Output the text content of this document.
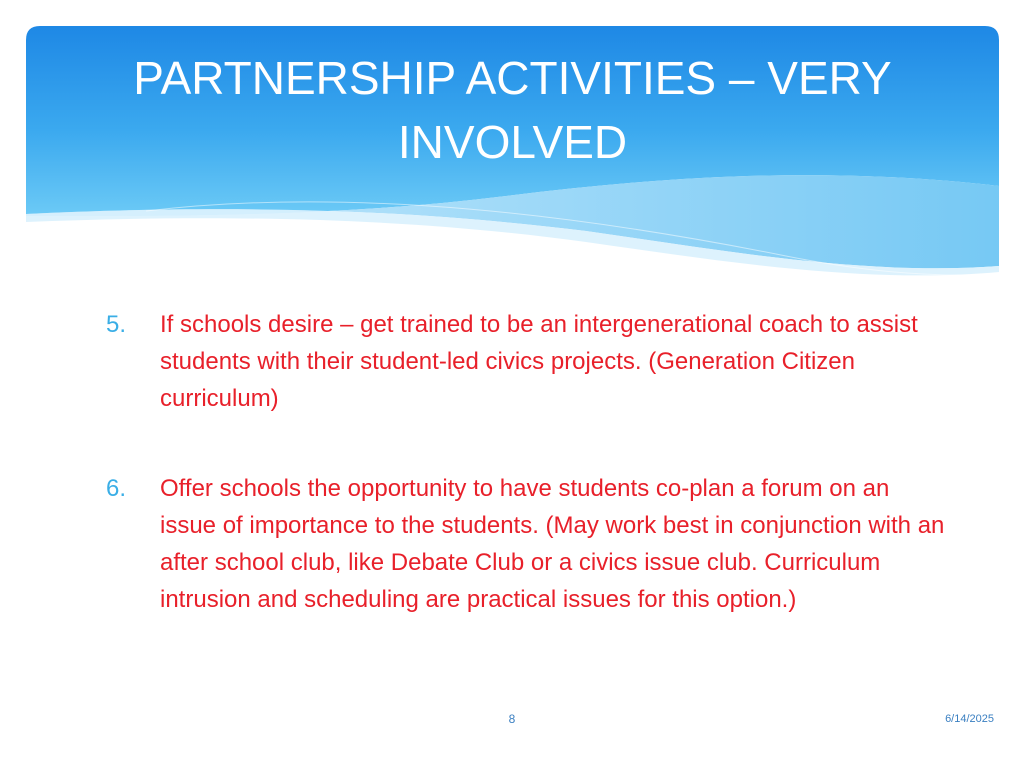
PARTNERSHIP ACTIVITIES – VERY INVOLVED
5. If schools desire – get trained to be an intergenerational coach to assist students with their student-led civics projects. (Generation Citizen curriculum)
6. Offer schools the opportunity to have students co-plan a forum on an issue of importance to the students. (May work best in conjunction with an after school club, like Debate Club or a civics issue club. Curriculum intrusion and scheduling are practical issues for this option.)
8	6/14/2025
